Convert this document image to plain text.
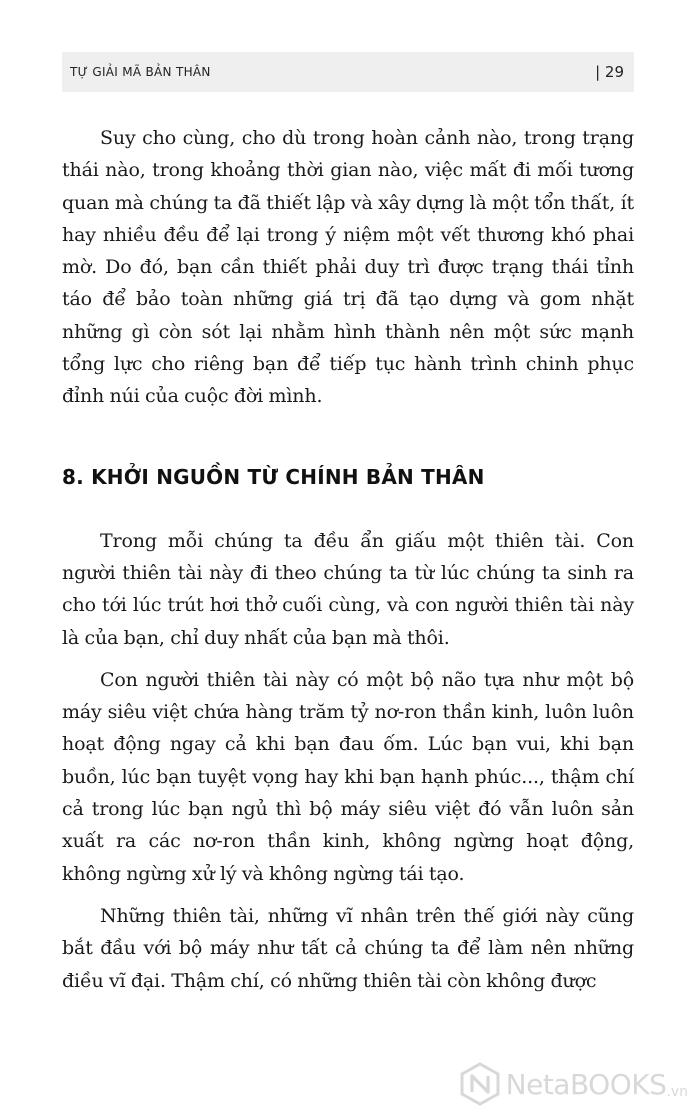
TỰ GIẢI MÃ BẢN THÂN	| 29

Suy cho cùng, cho dù trong hoàn cảnh nào, trong trạng thái nào, trong khoảng thời gian nào, việc mất đi mối tương quan mà chúng ta đã thiết lập và xây dựng là một tổn thất, ít hay nhiều đều để lại trong ý niệm một vết thương khó phai mờ. Do đó, bạn cần thiết phải duy trì được trạng thái tỉnh táo để bảo toàn những giá trị đã tạo dựng và gom nhặt những gì còn sót lại nhằm hình thành nên một sức mạnh tổng lực cho riêng bạn để tiếp tục hành trình chinh phục đỉnh núi của cuộc đời mình.

8. KHỞI NGUỒN TỪ CHÍNH BẢN THÂN

Trong mỗi chúng ta đều ẩn giấu một thiên tài. Con người thiên tài này đi theo chúng ta từ lúc chúng ta sinh ra cho tới lúc trút hơi thở cuối cùng, và con người thiên tài này là của bạn, chỉ duy nhất của bạn mà thôi.

Con người thiên tài này có một bộ não tựa như một bộ máy siêu việt chứa hàng trăm tỷ nơ-ron thần kinh, luôn luôn hoạt động ngay cả khi bạn đau ốm. Lúc bạn vui, khi bạn buồn, lúc bạn tuyệt vọng hay khi bạn hạnh phúc..., thậm chí cả trong lúc bạn ngủ thì bộ máy siêu việt đó vẫn luôn sản xuất ra các nơ-ron thần kinh, không ngừng hoạt động, không ngừng xử lý và không ngừng tái tạo.

Những thiên tài, những vĩ nhân trên thế giới này cũng bắt đầu với bộ máy như tất cả chúng ta để làm nên những điều vĩ đại. Thậm chí, có những thiên tài còn không được

NetaBOOKS .vn
